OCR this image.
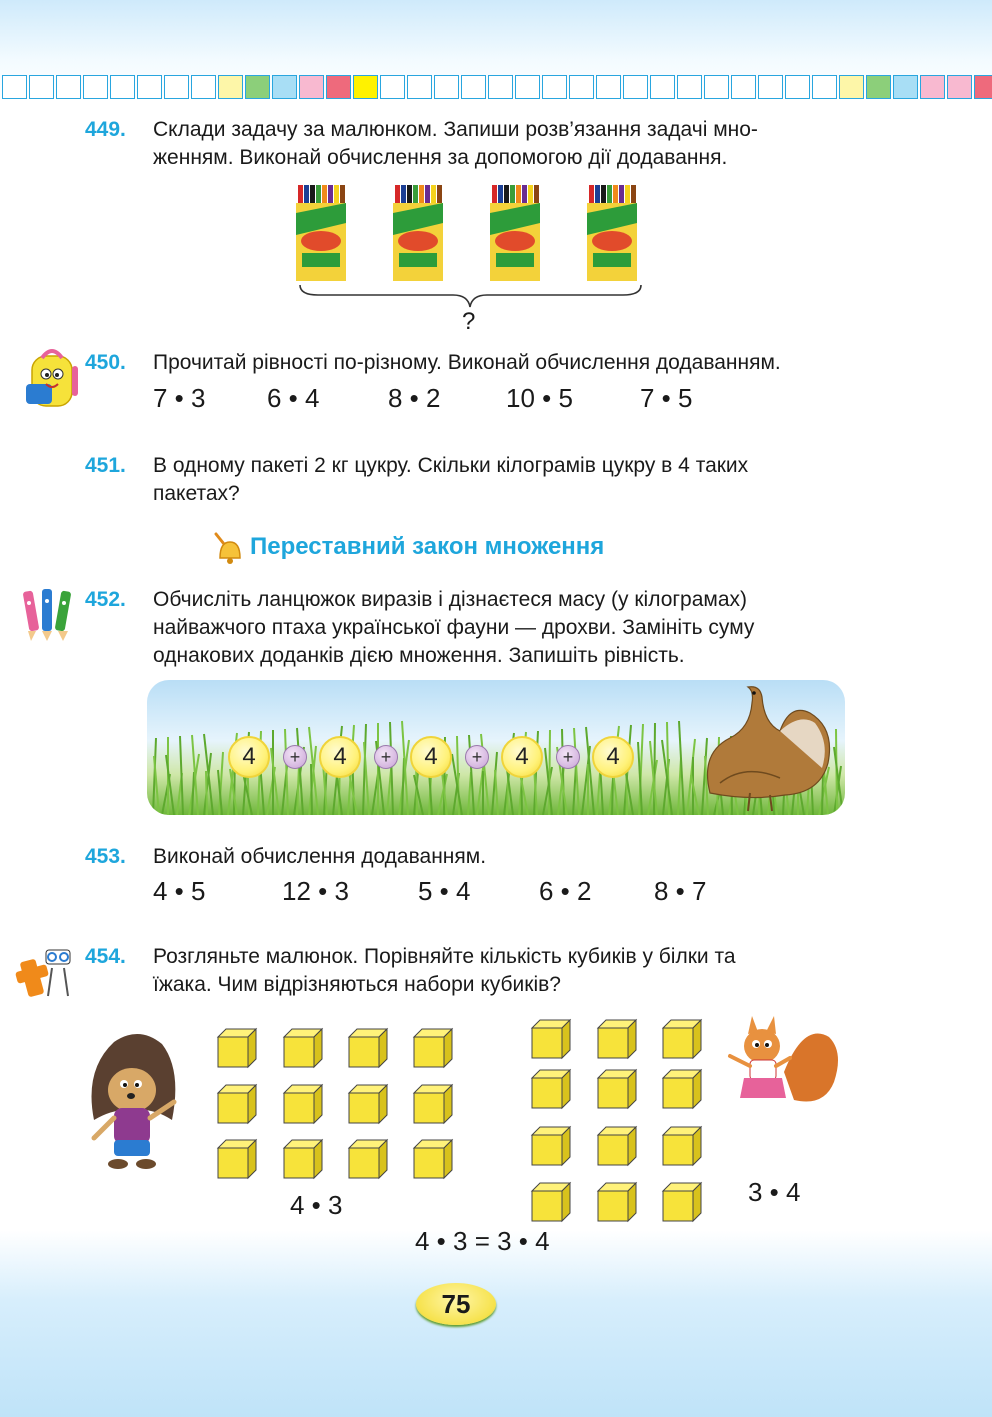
449. Склади задачу за малюнком. Запиши розв’язання задачі мно-
женням. Виконай обчислення за допомогою дії додавання.
?
450. Прочитай рівності по-різному. Виконай обчислення додаванням.
7 • 3 6 • 4	8 • 2	10 • 5	7 • 5
451. В одному пакеті 2 кг цукру. Скільки кілограмів цукру в 4 таких
пакетах?
Переставний закон множення
452. Обчисліть ланцюжок виразів і дізнаєтеся масу (у кілограмах)
найважчого птаха української фауни — дрохви. Замініть суму
однакових доданків дією множення. Запишіть рівність.
4	+	4	+	4	+	4	+	4
453. Виконай обчислення додаванням.
4 • 5	12 • 3	5 • 4	6 • 2 8 • 7
454. Розгляньте малюнок. Порівняйте кількість кубиків у білки та
їжака. Чим відрізняються набори кубиків?
4 • 3	3 • 4
4 • 3 = 3 • 4
75
